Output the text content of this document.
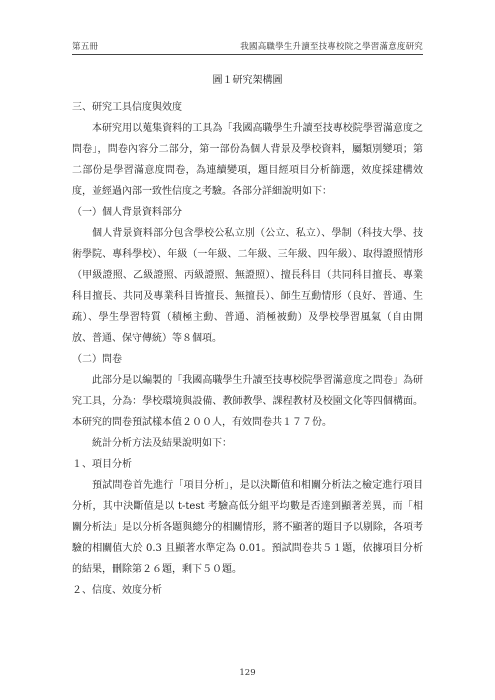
第五冊	我國高職學生升讀至技專校院之學習滿意度研究

圖１研究架構圖

三、研究工具信度與效度

本研究用以蒐集資料的工具為「我國高職學生升讀至技專校院學習滿意度之問卷」，問卷內容分二部分，第一部份為個人背景及學校資料，屬類別變項；第二部份是學習滿意度問卷，為連續變項，題目經項目分析篩選，效度採建構效度，並經過內部一致性信度之考驗。各部分詳細說明如下：

（一）個人背景資料部分

個人背景資料部分包含學校公私立別（公立、私立）、學制（科技大學、技術學院、專科學校）、年級（一年級、二年級、三年級、四年級）、取得證照情形（甲級證照、乙級證照、丙級證照、無證照）、擅長科目（共同科目擅長、專業科目擅長、共同及專業科目皆擅長、無擅長）、師生互動情形（良好、普通、生疏）、學生學習特質（積極主動、普通、消極被動）及學校學習風氣（自由開放、普通、保守傳統）等８個項。

（二）問卷

此部分是以編製的「我國高職學生升讀至技專校院學習滿意度之問卷」為研究工具，分為：學校環境與設備、教師教學、課程教材及校園文化等四個構面。本研究的問卷預試樣本值２００人，有效問卷共１７７份。

統計分析方法及結果說明如下：

１、項目分析

預試問卷首先進行「項目分析」，是以決斷值和相關分析法之檢定進行項目分析，其中決斷值是以 t-test 考驗高低分組平均數是否達到顯著差異，而「相關分析法」是以分析各題與總分的相關情形，將不顯著的題目予以剔除，各項考驗的相關值大於 0.3 且顯著水準定為 0.01。預試問卷共５１題，依據項目分析的結果，刪除第２６題，剩下５０題。

２、信度、效度分析

129
